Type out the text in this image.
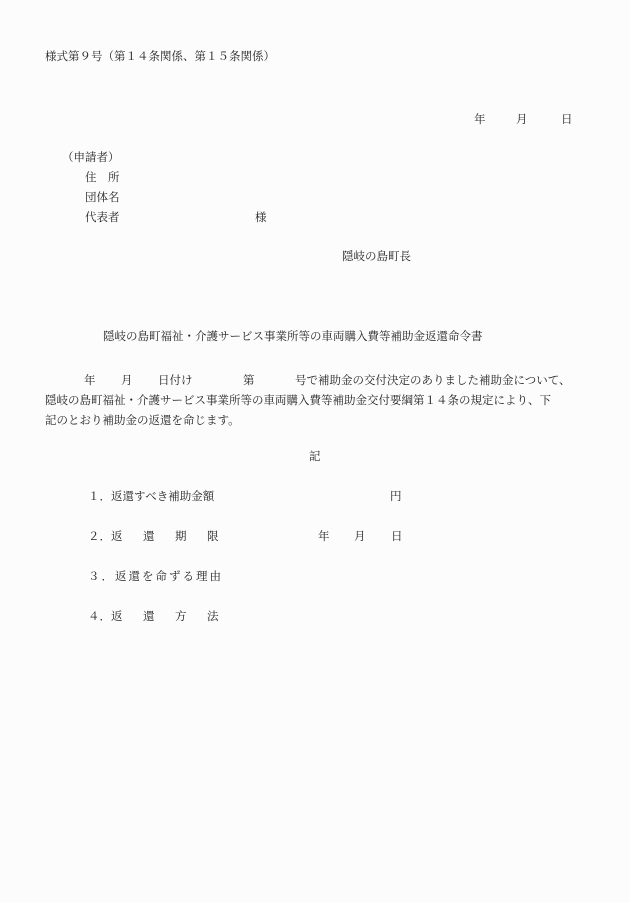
様式第９号（第１４条関係、第１５条関係）
年	月	日
（申請者）
住　所
団体名
代表者	様
隠岐の島町長
隠岐の島町福祉・介護サービス事業所等の車両購入費等補助金返還命令書
年 月 日付け	第	号で補助金の交付決定のありました補助金について、
隠岐の島町福祉・介護サービス事業所等の車両購入費等補助金交付要綱第１４条の規定により、下
記のとおり補助金の返還を命じます。
記
１．返還すべき補助金額	円
２．返 還 期 限	年 月 日
３．返還を命ずる理由
４．返 還 方 法
